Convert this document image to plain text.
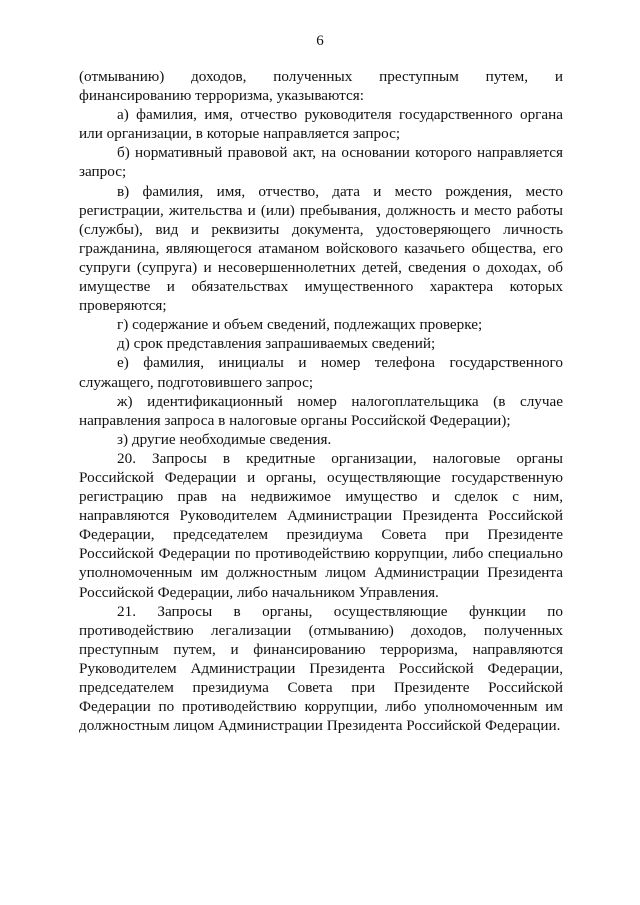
6

(отмыванию) доходов, полученных преступным путем, и финансированию терроризма, указываются:

а) фамилия, имя, отчество руководителя государственного органа или организации, в которые направляется запрос;

б) нормативный правовой акт, на основании которого направляется запрос;

в) фамилия, имя, отчество, дата и место рождения, место регистрации, жительства и (или) пребывания, должность и место работы (службы), вид и реквизиты документа, удостоверяющего личность гражданина, являющегося атаманом войскового казачьего общества, его супруги (супруга) и несовершеннолетних детей, сведения о доходах, об имуществе и обязательствах имущественного характера которых проверяются;

г) содержание и объем сведений, подлежащих проверке;

д) срок представления запрашиваемых сведений;

е) фамилия, инициалы и номер телефона государственного служащего, подготовившего запрос;

ж) идентификационный номер налогоплательщика (в случае направления запроса в налоговые органы Российской Федерации);

з) другие необходимые сведения.

20. Запросы в кредитные организации, налоговые органы Российской Федерации и органы, осуществляющие государственную регистрацию прав на недвижимое имущество и сделок с ним, направляются Руководителем Администрации Президента Российской Федерации, председателем президиума Совета при Президенте Российской Федерации по противодействию коррупции, либо специально уполномоченным им должностным лицом Администрации Президента Российской Федерации, либо начальником Управления.

21. Запросы в органы, осуществляющие функции по противодействию легализации (отмыванию) доходов, полученных преступным путем, и финансированию терроризма, направляются Руководителем Администрации Президента Российской Федерации, председателем президиума Совета при Президенте Российской Федерации по противодействию коррупции, либо уполномоченным им должностным лицом Администрации Президента Российской Федерации.
